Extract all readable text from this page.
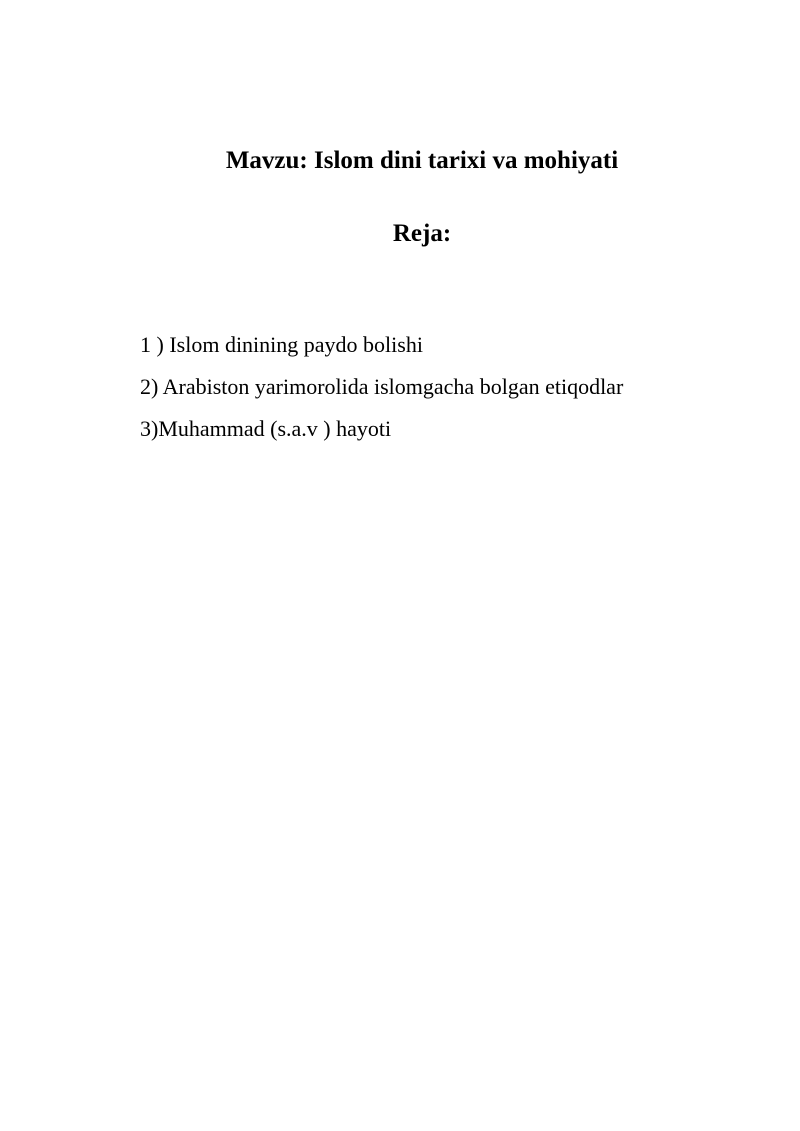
Mavzu: Islom dini tarixi va mohiyati
Reja:
1 ) Islom dinining paydo bolishi
2) Arabiston yarimorolida islomgacha bolgan etiqodlar
3)Muhammad (s.a.v ) hayoti
